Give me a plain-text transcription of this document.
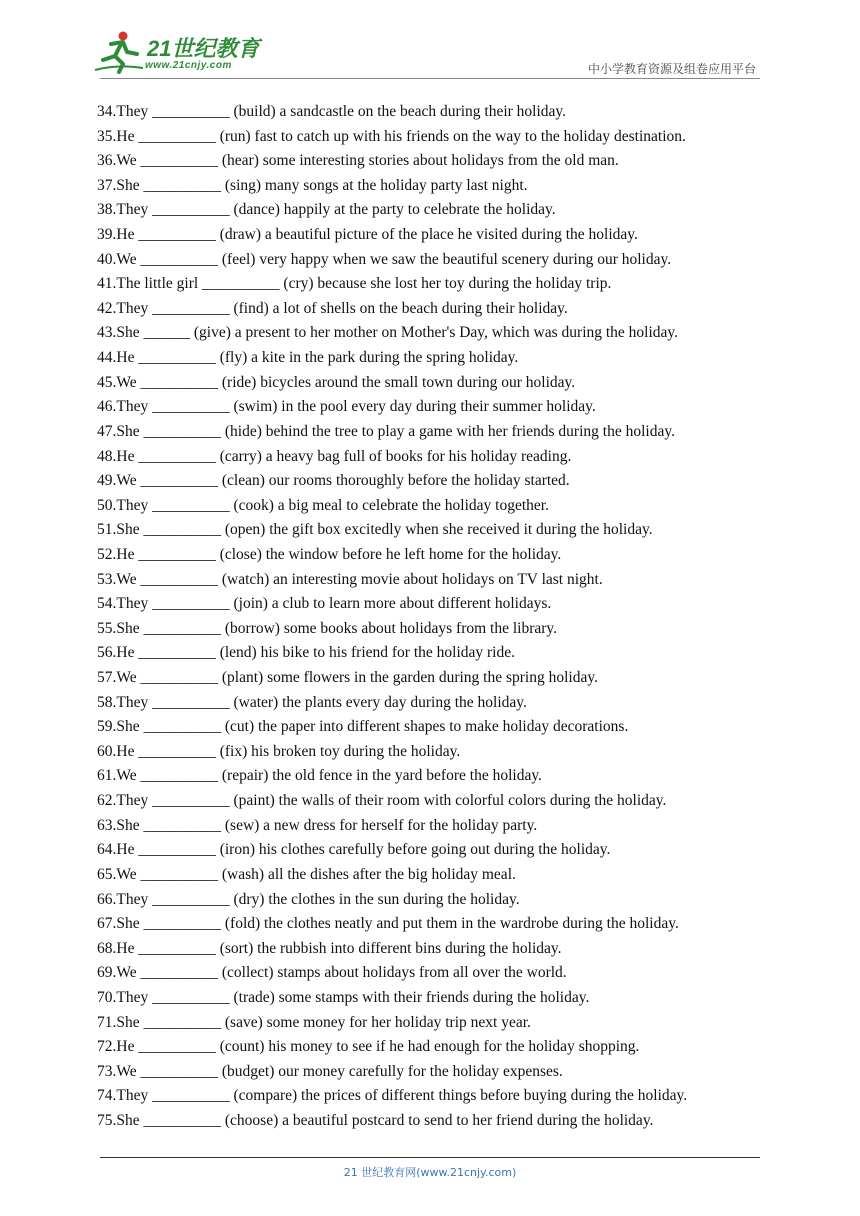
21世纪教育
www.21cnjy.com	中小学教育资源及组卷应用平台
34.They __________ (build) a sandcastle on the beach during their holiday.
35.He __________ (run) fast to catch up with his friends on the way to the holiday destination.
36.We __________ (hear) some interesting stories about holidays from the old man.
37.She __________ (sing) many songs at the holiday party last night.
38.They __________ (dance) happily at the party to celebrate the holiday.
39.He __________ (draw) a beautiful picture of the place he visited during the holiday.
40.We __________ (feel) very happy when we saw the beautiful scenery during our holiday.
41.The little girl __________ (cry) because she lost her toy during the holiday trip.
42.They __________ (find) a lot of shells on the beach during their holiday.
43.She ______ (give) a present to her mother on Mother's Day, which was during the holiday.
44.He __________ (fly) a kite in the park during the spring holiday.
45.We __________ (ride) bicycles around the small town during our holiday.
46.They __________ (swim) in the pool every day during their summer holiday.
47.She __________ (hide) behind the tree to play a game with her friends during the holiday.
48.He __________ (carry) a heavy bag full of books for his holiday reading.
49.We __________ (clean) our rooms thoroughly before the holiday started.
50.They __________ (cook) a big meal to celebrate the holiday together.
51.She __________ (open) the gift box excitedly when she received it during the holiday.
52.He __________ (close) the window before he left home for the holiday.
53.We __________ (watch) an interesting movie about holidays on TV last night.
54.They __________ (join) a club to learn more about different holidays.
55.She __________ (borrow) some books about holidays from the library.
56.He __________ (lend) his bike to his friend for the holiday ride.
57.We __________ (plant) some flowers in the garden during the spring holiday.
58.They __________ (water) the plants every day during the holiday.
59.She __________ (cut) the paper into different shapes to make holiday decorations.
60.He __________ (fix) his broken toy during the holiday.
61.We __________ (repair) the old fence in the yard before the holiday.
62.They __________ (paint) the walls of their room with colorful colors during the holiday.
63.She __________ (sew) a new dress for herself for the holiday party.
64.He __________ (iron) his clothes carefully before going out during the holiday.
65.We __________ (wash) all the dishes after the big holiday meal.
66.They __________ (dry) the clothes in the sun during the holiday.
67.She __________ (fold) the clothes neatly and put them in the wardrobe during the holiday.
68.He __________ (sort) the rubbish into different bins during the holiday.
69.We __________ (collect) stamps about holidays from all over the world.
70.They __________ (trade) some stamps with their friends during the holiday.
71.She __________ (save) some money for her holiday trip next year.
72.He __________ (count) his money to see if he had enough for the holiday shopping.
73.We __________ (budget) our money carefully for the holiday expenses.
74.They __________ (compare) the prices of different things before buying during the holiday.
75.She __________ (choose) a beautiful postcard to send to her friend during the holiday.
21 世纪教育网(www.21cnjy.com)
